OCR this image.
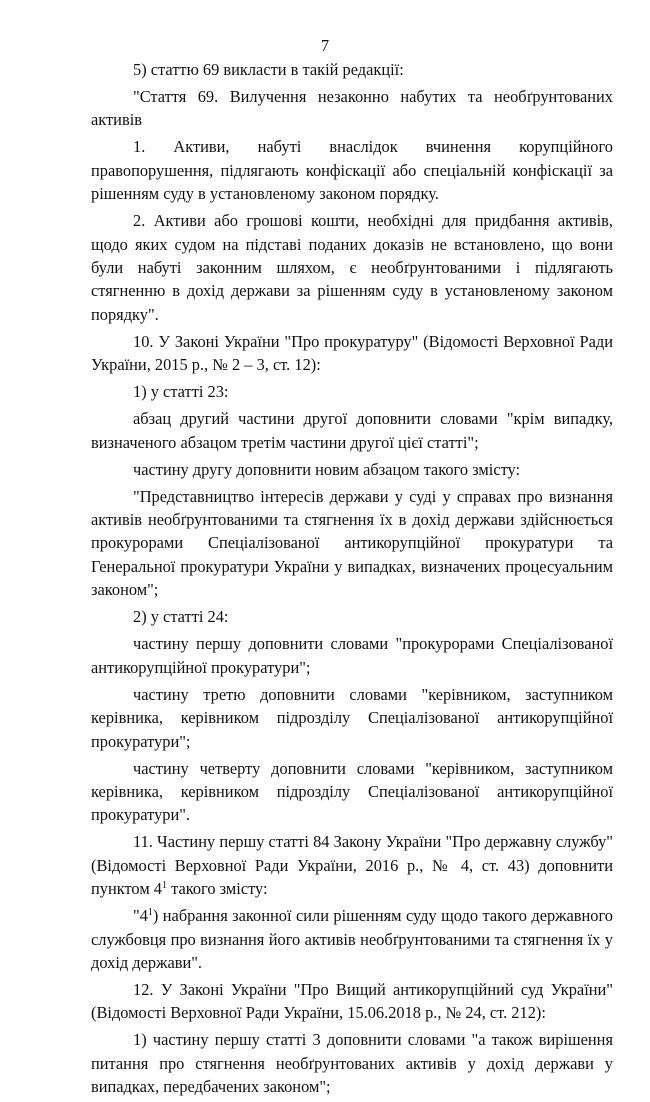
7

5) статтю 69 викласти в такій редакції:

"Стаття 69. Вилучення незаконно набутих та необґрунтованих активів

1. Активи, набуті внаслідок вчинення корупційного правопорушення, підлягають конфіскації або спеціальній конфіскації за рішенням суду в установленому законом порядку.

2. Активи або грошові кошти, необхідні для придбання активів, щодо яких судом на підставі поданих доказів не встановлено, що вони були набуті законним шляхом, є необґрунтованими і підлягають стягненню в дохід держави за рішенням суду в установленому законом порядку".

10. У Законі України "Про прокуратуру" (Відомості Верховної Ради України, 2015 р., № 2 – 3, ст. 12):

1) у статті 23:

абзац другий частини другої доповнити словами "крім випадку, визначеного абзацом третім частини другої цієї статті";

частину другу доповнити новим абзацом такого змісту:

"Представництво інтересів держави у суді у справах про визнання активів необґрунтованими та стягнення їх в дохід держави здійснюється прокурорами Спеціалізованої антикорупційної прокуратури та Генеральної прокуратури України у випадках, визначених процесуальним законом";

2) у статті 24:

частину першу доповнити словами "прокурорами Спеціалізованої антикорупційної прокуратури";

частину третю доповнити словами "керівником, заступником керівника, керівником підрозділу Спеціалізованої антикорупційної прокуратури";

частину четверту доповнити словами "керівником, заступником керівника, керівником підрозділу Спеціалізованої антикорупційної прокуратури".

11. Частину першу статті 84 Закону України "Про державну службу" (Відомості Верховної Ради України, 2016 р., № 4, ст. 43) доповнити пунктом $4^1$ такого змісту:

"$4^1$) набрання законної сили рішенням суду щодо такого державного службовця про визнання його активів необґрунтованими та стягнення їх у дохід держави".

12. У Законі України "Про Вищий антикорупційний суд України" (Відомості Верховної Ради України, 15.06.2018 р., № 24, ст. 212):

1) частину першу статті 3 доповнити словами "а також вирішення питання про стягнення необґрунтованих активів у дохід держави у випадках, передбачених законом";
